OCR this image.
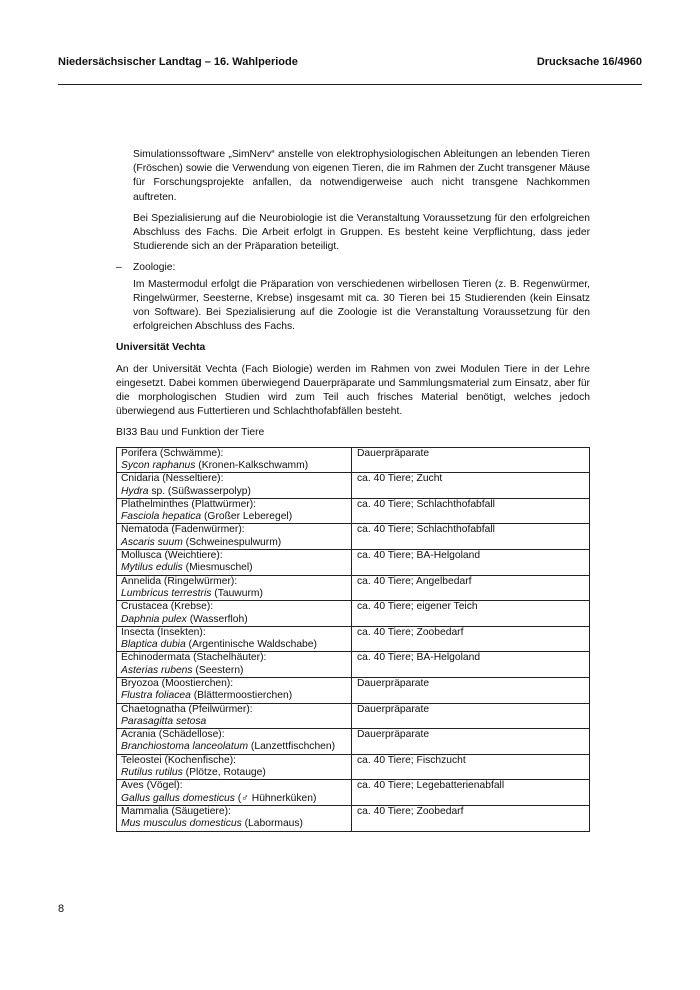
Niedersächsischer Landtag – 16. Wahlperiode	Drucksache 16/4960

Simulationssoftware „SimNerv“ anstelle von elektrophysiologischen Ableitungen an lebenden Tieren (Fröschen) sowie die Verwendung von eigenen Tieren, die im Rahmen der Zucht transgener Mäuse für Forschungsprojekte anfallen, da notwendigerweise auch nicht transgene Nachkommen auftreten.

Bei Spezialisierung auf die Neurobiologie ist die Veranstaltung Voraussetzung für den erfolgreichen Abschluss des Fachs. Die Arbeit erfolgt in Gruppen. Es besteht keine Verpflichtung, dass jeder Studierende sich an der Präparation beteiligt.

– Zoologie:

Im Mastermodul erfolgt die Präparation von verschiedenen wirbellosen Tieren (z. B. Regenwürmer, Ringelwürmer, Seesterne, Krebse) insgesamt mit ca. 30 Tieren bei 15 Studierenden (kein Einsatz von Software). Bei Spezialisierung auf die Zoologie ist die Veranstaltung Voraussetzung für den erfolgreichen Abschluss des Fachs.

Universität Vechta

An der Universität Vechta (Fach Biologie) werden im Rahmen von zwei Modulen Tiere in der Lehre eingesetzt. Dabei kommen überwiegend Dauerpräparate und Sammlungsmaterial zum Einsatz, aber für die morphologischen Studien wird zum Teil auch frisches Material benötigt, welches jedoch überwiegend aus Futtertieren und Schlachthofabfällen besteht.

BI33 Bau und Funktion der Tiere
Porifera (Schwämme):
Sycon raphanus (Kronen-Kalkschwamm)	Dauerpräparate

Cnidaria (Nesseltiere):
Hydra sp. (Süßwasserpolyp)	ca. 40 Tiere; Zucht

Plathelminthes (Plattwürmer):
Fasciola hepatica (Großer Leberegel)	ca. 40 Tiere; Schlachthofabfall

Nematoda (Fadenwürmer):
Ascaris suum (Schweinespulwurm)	ca. 40 Tiere; Schlachthofabfall

Mollusca (Weichtiere):
Mytilus edulis (Miesmuschel)	ca. 40 Tiere; BA-Helgoland

Annelida (Ringelwürmer):
Lumbricus terrestris (Tauwurm)	ca. 40 Tiere; Angelbedarf

Crustacea (Krebse):
Daphnia pulex (Wasserfloh)	ca. 40 Tiere; eigener Teich

Insecta (Insekten):
Blaptica dubia (Argentinische Waldschabe)	ca. 40 Tiere; Zoobedarf

Echinodermata (Stachelhäuter):
Asterias rubens (Seestern)	ca. 40 Tiere; BA-Helgoland

Bryozoa (Moostierchen):
Flustra foliacea (Blättermoostierchen)	Dauerpräparate

Chaetognatha (Pfeilwürmer):
Parasagitta setosa	Dauerpräparate

Acrania (Schädellose):
Branchiostoma lanceolatum (Lanzettfischchen)	Dauerpräparate

Teleostei (Kochenfische):
Rutilus rutilus (Plötze, Rotauge)	ca. 40 Tiere; Fischzucht

Aves (Vögel):
Gallus gallus domesticus (♂ Hühnerküken)	ca. 40 Tiere; Legebatterienabfall

Mammalia (Säugetiere):
Mus musculus domesticus (Labormaus)	ca. 40 Tiere; Zoobedarf
8
